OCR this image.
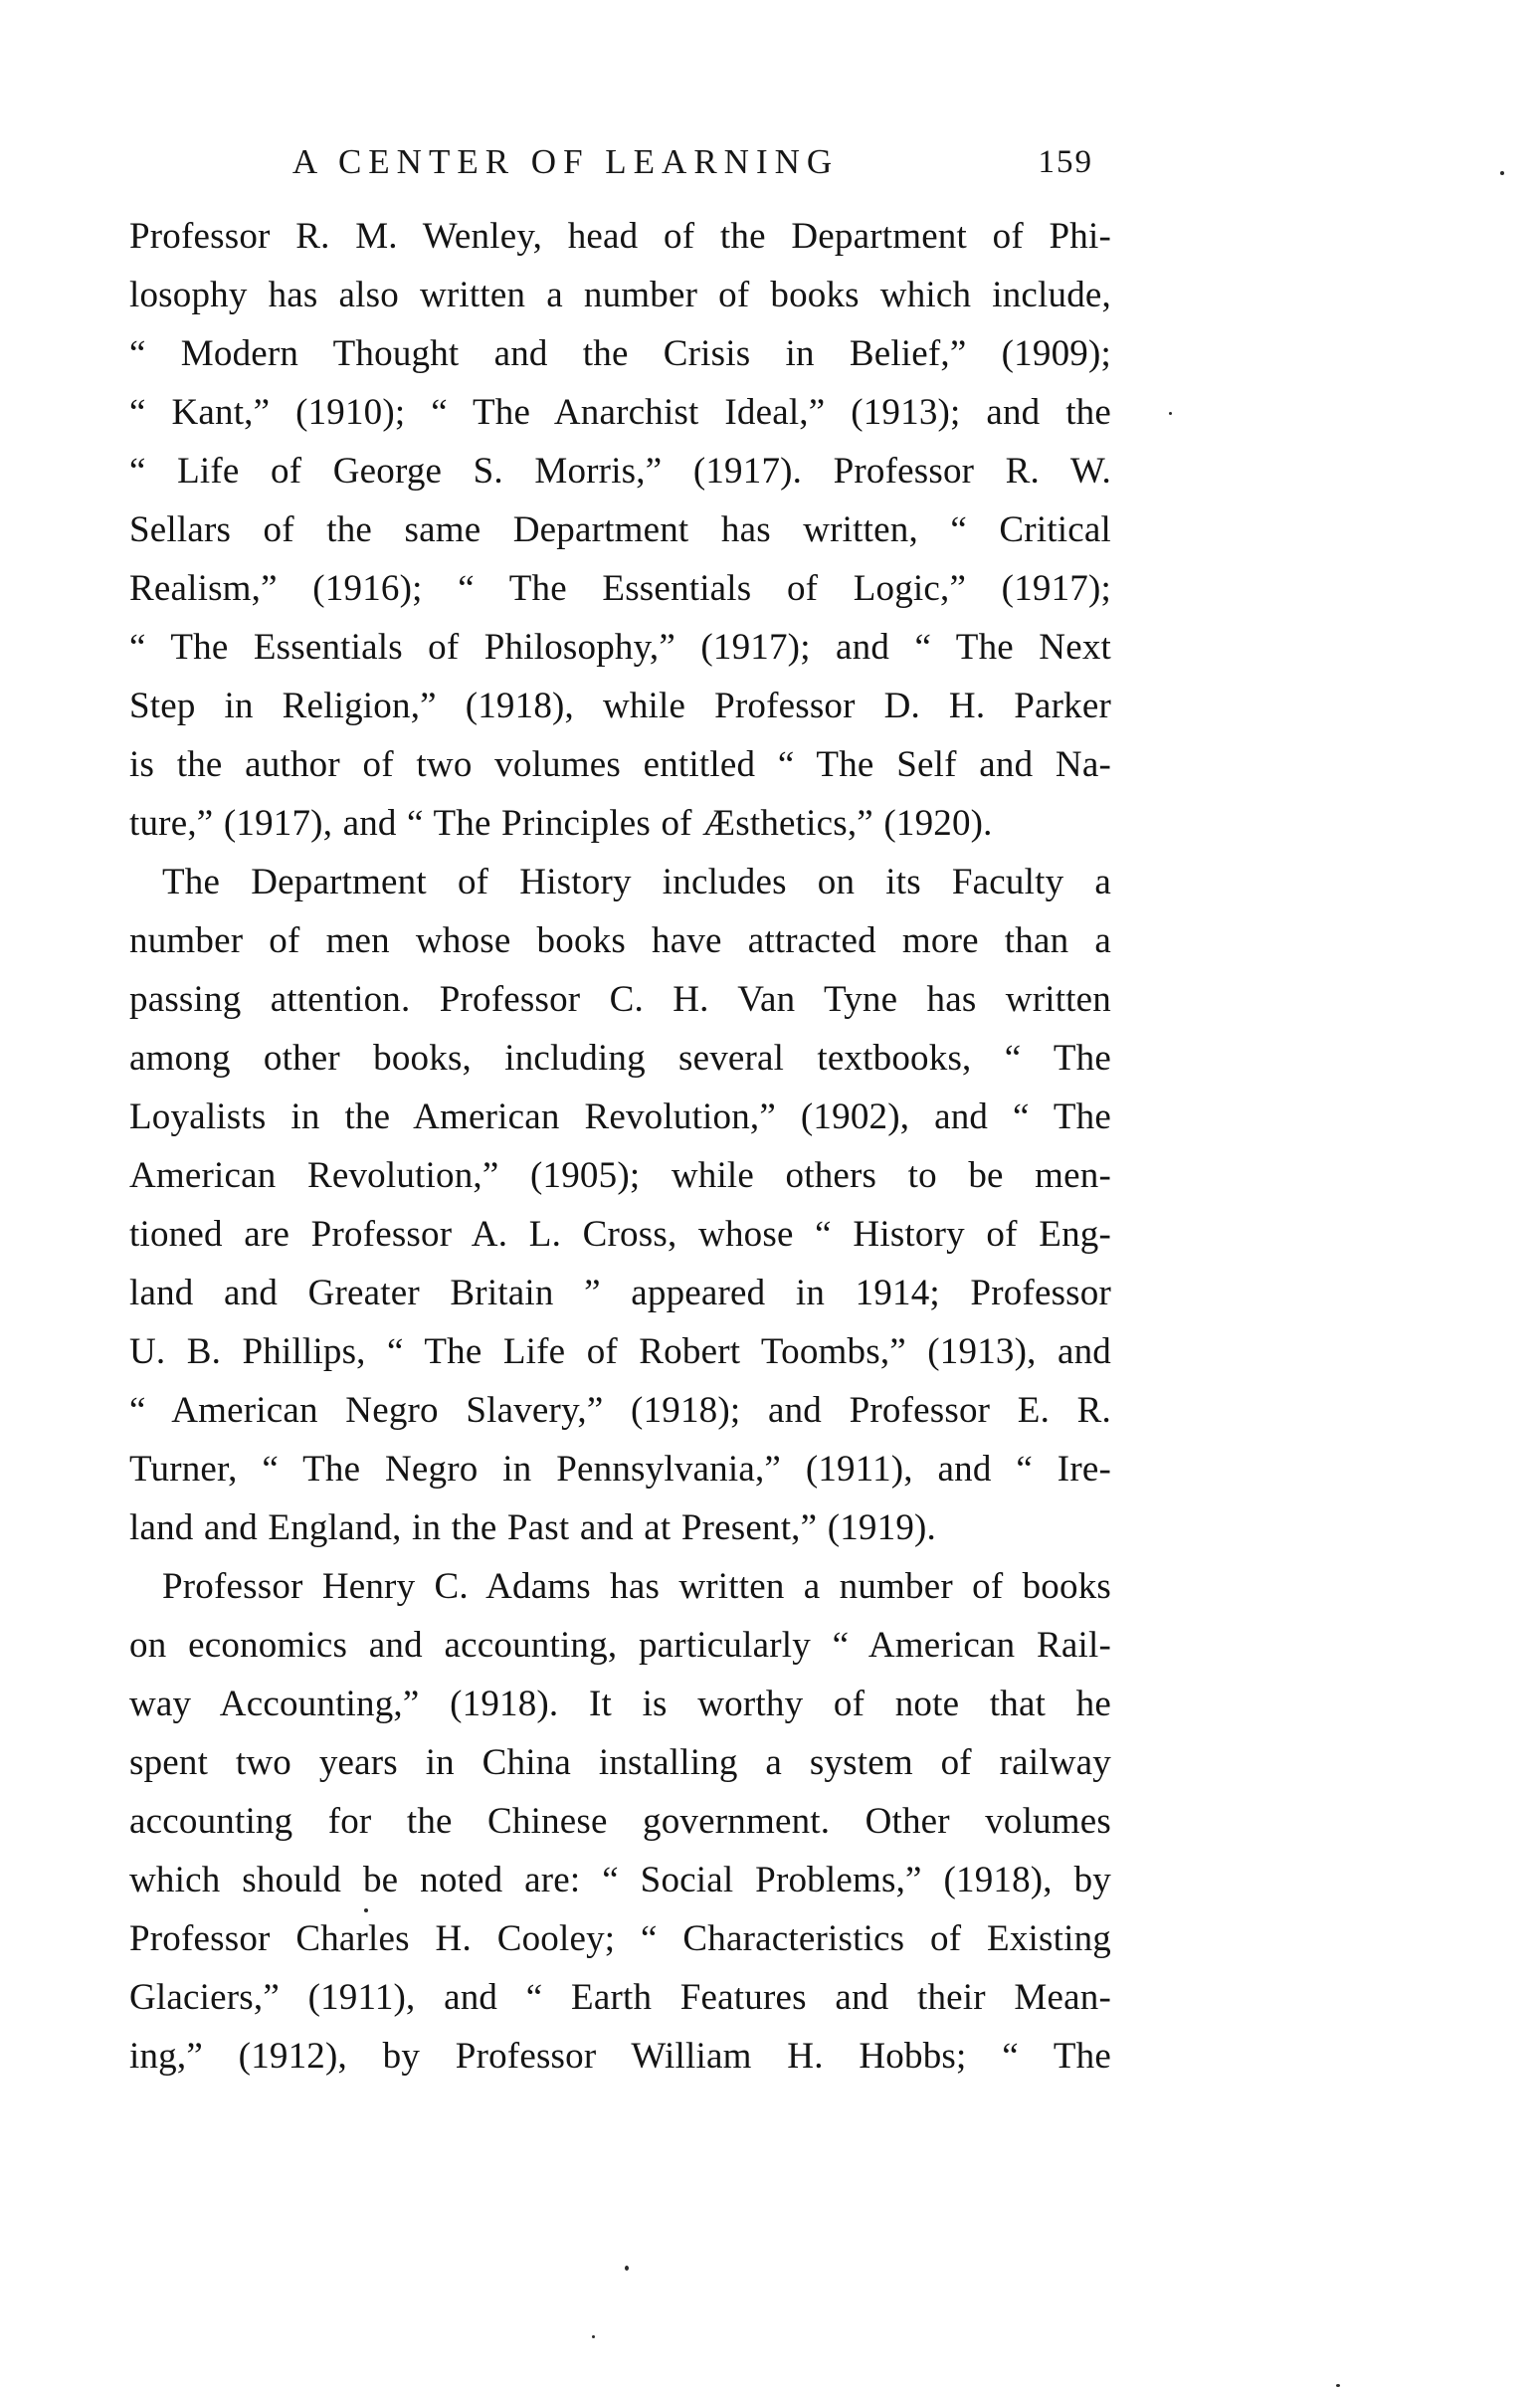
A CENTER OF LEARNING	159
Professor R. M. Wenley, head of the Department of Phi-
losophy has also written a number of books which include,
“ Modern Thought and the Crisis in Belief,” (1909);
“ Kant,” (1910); “ The Anarchist Ideal,” (1913); and the
“ Life of George S. Morris,” (1917). Professor R. W.
Sellars of the same Department has written, “ Critical
Realism,” (1916); “ The Essentials of Logic,” (1917);
“ The Essentials of Philosophy,” (1917); and “ The Next
Step in Religion,” (1918), while Professor D. H. Parker
is the author of two volumes entitled “ The Self and Na-
ture,” (1917), and “ The Principles of Æsthetics,” (1920).
The Department of History includes on its Faculty a
number of men whose books have attracted more than a
passing attention. Professor C. H. Van Tyne has written
among other books, including several textbooks, “ The
Loyalists in the American Revolution,” (1902), and “ The
American Revolution,” (1905); while others to be men-
tioned are Professor A. L. Cross, whose “ History of Eng-
land and Greater Britain ” appeared in 1914; Professor
U. B. Phillips, “ The Life of Robert Toombs,” (1913), and
“ American Negro Slavery,” (1918); and Professor E. R.
Turner, “ The Negro in Pennsylvania,” (1911), and “ Ire-
land and England, in the Past and at Present,” (1919).
Professor Henry C. Adams has written a number of books
on economics and accounting, particularly “ American Rail-
way Accounting,” (1918). It is worthy of note that he
spent two years in China installing a system of railway
accounting for the Chinese government. Other volumes
which should be noted are: “ Social Problems,” (1918), by
Professor Charles H. Cooley; “ Characteristics of Existing
Glaciers,” (1911), and “ Earth Features and their Mean-
ing,” (1912), by Professor William H. Hobbs; “ The
